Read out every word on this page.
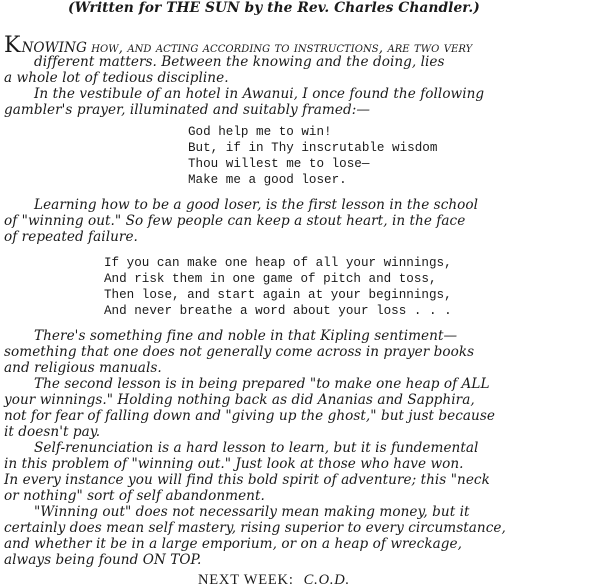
(Written for THE SUN by the Rev. Charles Chandler.)
KNOWING how, and acting according to instructions, are two very
different matters. Between the knowing and the doing, lies
a whole lot of tedious discipline.
In the vestibule of an hotel in Awanui, I once found the following
gambler's prayer, illuminated and suitably framed:—
God help me to win!
But, if in Thy inscrutable wisdom
Thou willest me to lose—
Make me a good loser.
Learning how to be a good loser, is the first lesson in the school
of "winning out." So few people can keep a stout heart, in the face
of repeated failure.
If you can make one heap of all your winnings,
And risk them in one game of pitch and toss,
Then lose, and start again at your beginnings,
And never breathe a word about your loss . . .
There's something fine and noble in that Kipling sentiment—
something that one does not generally come across in prayer books
and religious manuals.
The second lesson is in being prepared "to make one heap of ALL
your winnings." Holding nothing back as did Ananias and Sapphira,
not for fear of falling down and "giving up the ghost," but just because
it doesn't pay.
Self-renunciation is a hard lesson to learn, but it is fundemental
in this problem of "winning out." Just look at those who have won.
In every instance you will find this bold spirit of adventure; this "neck
or nothing" sort of self abandonment.
"Winning out" does not necessarily mean making money, but it
certainly does mean self mastery, rising superior to every circumstance,
and whether it be in a large emporium, or on a heap of wreckage,
always being found ON TOP.
NEXT WEEK: C.O.D.
